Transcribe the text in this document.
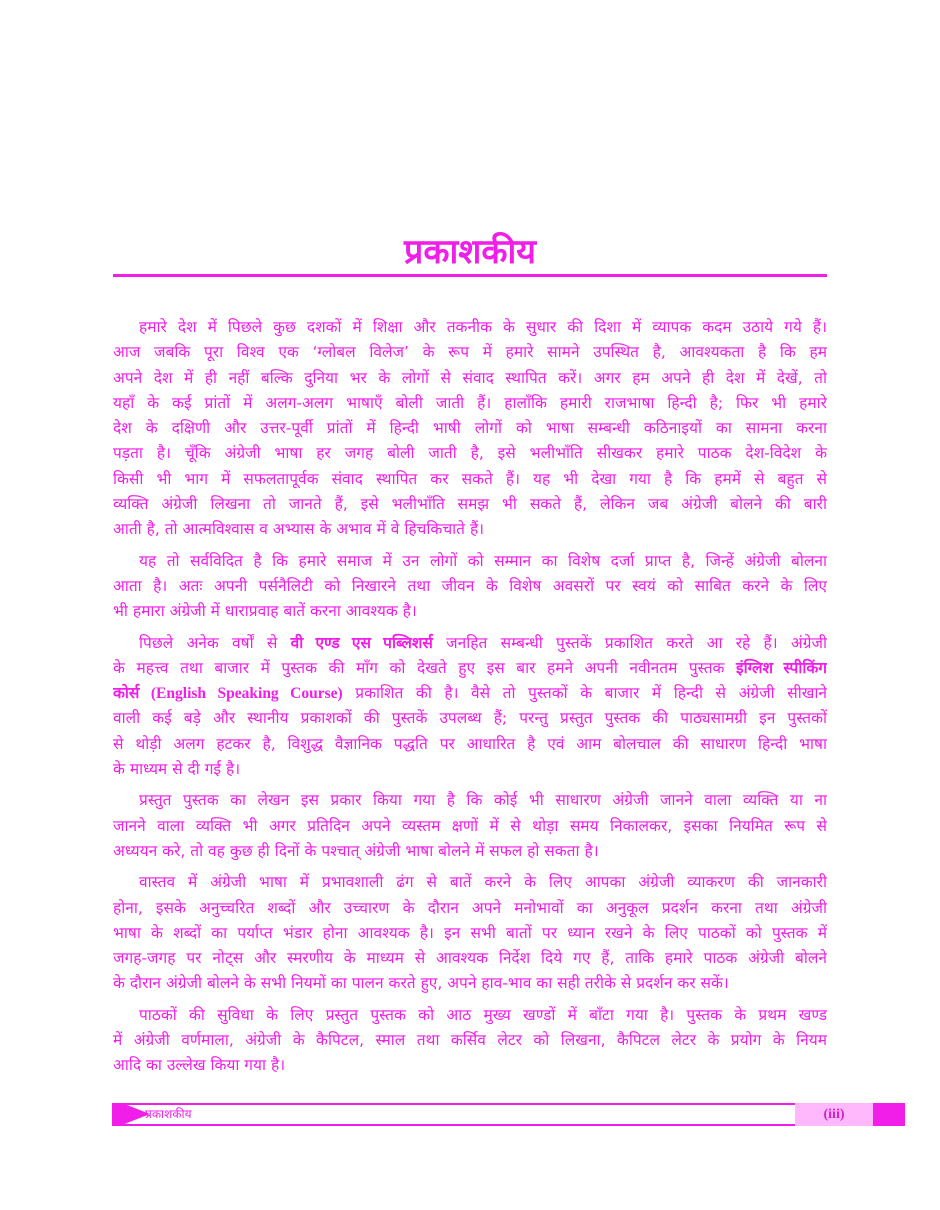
प्रकाशकीय
हमारे देश में पिछले कुछ दशकों में शिक्षा और तकनीक के सुधार की दिशा में व्यापक कदम उठाये गये हैं।
आज जबकि पूरा विश्व एक ‘ग्लोबल विलेज’ के रूप में हमारे सामने उपस्थित है, आवश्यकता है कि हम
अपने देश में ही नहीं बल्कि दुनिया भर के लोगों से संवाद स्थापित करें। अगर हम अपने ही देश में देखें, तो
यहाँ के कई प्रांतों में अलग-अलग भाषाएँ बोली जाती हैं। हालाँकि हमारी राजभाषा हिन्दी है; फिर भी हमारे
देश के दक्षिणी और उत्तर-पूर्वी प्रांतों में हिन्दी भाषी लोगों को भाषा सम्बन्धी कठिनाइयों का सामना करना
पड़ता है। चूँकि अंग्रेजी भाषा हर जगह बोली जाती है, इसे भलीभाँति सीखकर हमारे पाठक देश-विदेश के
किसी भी भाग में सफलतापूर्वक संवाद स्थापित कर सकते हैं। यह भी देखा गया है कि हममें से बहुत से
व्यक्ति अंग्रेजी लिखना तो जानते हैं, इसे भलीभाँति समझ भी सकते हैं, लेकिन जब अंग्रेजी बोलने की बारी
आती है, तो आत्मविश्वास व अभ्यास के अभाव में वे हिचकिचाते हैं।
यह तो सर्वविदित है कि हमारे समाज में उन लोगों को सम्मान का विशेष दर्जा प्राप्त है, जिन्हें अंग्रेजी बोलना
आता है। अतः अपनी पर्सनैलिटी को निखारने तथा जीवन के विशेष अवसरों पर स्वयं को साबित करने के लिए
भी हमारा अंग्रेजी में धाराप्रवाह बातें करना आवश्यक है।
पिछले अनेक वर्षों से वी एण्ड एस पब्लिशर्स जनहित सम्बन्धी पुस्तकें प्रकाशित करते आ रहे हैं। अंग्रेजी
के महत्त्व तथा बाजार में पुस्तक की माँग को देखते हुए इस बार हमने अपनी नवीनतम पुस्तक इंग्लिश स्पीकिंग
कोर्स (English Speaking Course) प्रकाशित की है। वैसे तो पुस्तकों के बाजार में हिन्दी से अंग्रेजी सीखाने
वाली कई बड़े और स्थानीय प्रकाशकों की पुस्तकें उपलब्ध हैं; परन्तु प्रस्तुत पुस्तक की पाठ्यसामग्री इन पुस्तकों
से थोड़ी अलग हटकर है, विशुद्ध वैज्ञानिक पद्धति पर आधारित है एवं आम बोलचाल की साधारण हिन्दी भाषा
के माध्यम से दी गई है।
प्रस्तुत पुस्तक का लेखन इस प्रकार किया गया है कि कोई भी साधारण अंग्रेजी जानने वाला व्यक्ति या ना
जानने वाला व्यक्ति भी अगर प्रतिदिन अपने व्यस्तम क्षणों में से थोड़ा समय निकालकर, इसका नियमित रूप से
अध्ययन करे, तो वह कुछ ही दिनों के पश्चात् अंग्रेजी भाषा बोलने में सफल हो सकता है।
वास्तव में अंग्रेजी भाषा में प्रभावशाली ढंग से बातें करने के लिए आपका अंग्रेजी व्याकरण की जानकारी
होना, इसके अनुच्चरित शब्दों और उच्चारण के दौरान अपने मनोभावों का अनुकूल प्रदर्शन करना तथा अंग्रेजी
भाषा के शब्दों का पर्याप्त भंडार होना आवश्यक है। इन सभी बातों पर ध्यान रखने के लिए पाठकों को पुस्तक में
जगह-जगह पर नोट्स और स्मरणीय के माध्यम से आवश्यक निर्देश दिये गए हैं, ताकि हमारे पाठक अंग्रेजी बोलने
के दौरान अंग्रेजी बोलने के सभी नियमों का पालन करते हुए, अपने हाव-भाव का सही तरीके से प्रदर्शन कर सकें।
पाठकों की सुविधा के लिए प्रस्तुत पुस्तक को आठ मुख्य खण्डों में बाँटा गया है। पुस्तक के प्रथम खण्ड
में अंग्रेजी वर्णमाला, अंग्रेजी के कैपिटल, स्माल तथा कर्सिव लेटर को लिखना, कैपिटल लेटर के प्रयोग के नियम
आदि का उल्लेख किया गया है।
प्रकाशकीय	(iii)
